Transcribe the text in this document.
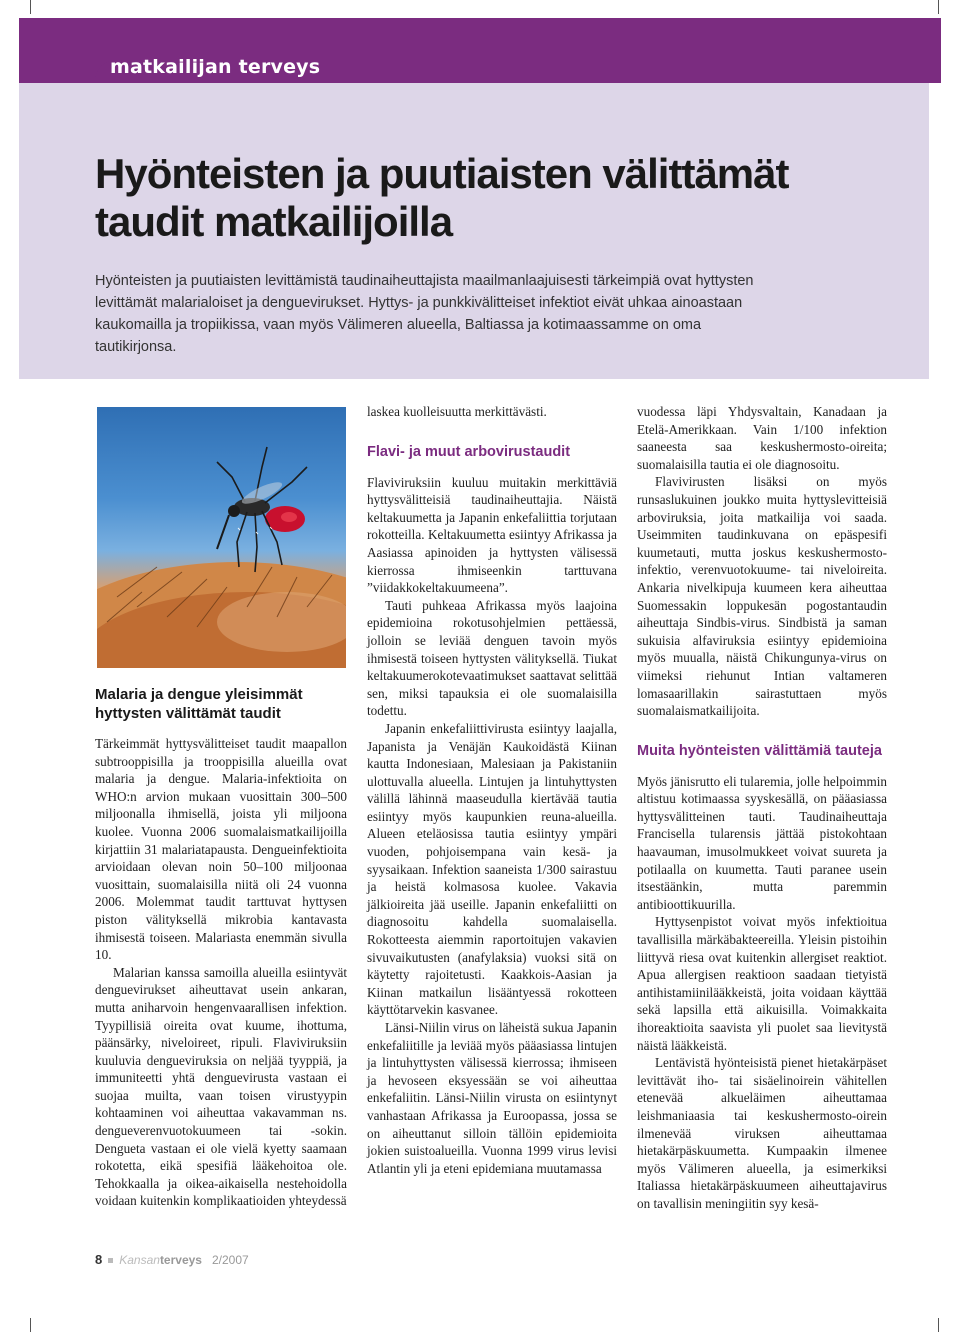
matkailijan terveys
Hyönteisten ja puutiaisten välittämät taudit matkailijoilla

Hyönteisten ja puutiaisten levittämistä taudinaiheuttajista maailmanlaajuisesti tärkeimpiä ovat hyttysten levittämät malarialoiset ja denguevirukset. Hyttys- ja punkkivälitteiset infektiot eivät uhkaa ainoastaan kaukomailla ja tropiikissa, vaan myös Välimeren alueella, Baltiassa ja kotimaassamme on oma tautikirjonsa.

Malaria ja dengue yleisimmät hyttysten välittämät taudit

Tärkeimmät hyttysvälitteiset taudit maapallon subtrooppisilla ja trooppisilla alueilla ovat malaria ja dengue. Malaria-infektioita on WHO:n arvion mukaan vuosittain 300–500 miljoonalla ihmisellä, joista yli miljoona kuolee. Vuonna 2006 suomalaismatkailijoilla kirjattiin 31 malariatapausta. Dengueinfektioita arvioidaan olevan noin 50–100 miljoonaa vuosittain, suomalaisilla niitä oli 24 vuonna 2006. Molemmat taudit tarttuvat hyttysen piston välityksellä mikrobia kantavasta ihmisestä toiseen. Malariasta enemmän sivulla 10.

Malarian kanssa samoilla alueilla esiintyvät denguevirukset aiheuttavat usein ankaran, mutta aniharvoin hengenvaarallisen infektion. Tyypillisiä oireita ovat kuume, ihottuma, päänsärky, niveloireet, ripuli. Flaviviruksiin kuuluvia dengueviruksia on neljää tyyppiä, ja immuniteetti yhtä denguevirusta vastaan ei suojaa muilta, vaan toisen virustyypin kohtaaminen voi aiheuttaa vakavamman ns. dengueverenvuotokuumeen tai -sokin. Dengueta vastaan ei ole vielä kyetty saamaan rokotetta, eikä spesifiä lääkehoitoa ole. Tehokkaalla ja oikea-aikaisella nestehoidolla voidaan kuitenkin komplikaatioiden yhteydessä

laskea kuolleisuutta merkittävästi.

Flavi- ja muut arbovirustaudit

Flaviviruksiin kuuluu muitakin merkittäviä hyttysvälitteisiä taudinaiheuttajia. Näistä keltakuumetta ja Japanin enkefaliittia torjutaan rokotteilla. Keltakuumetta esiintyy Afrikassa ja Aasiassa apinoiden ja hyttysten välisessä kierrossa ihmiseenkin tarttuvana ”viidakkokeltakuumeena”.

Tauti puhkeaa Afrikassa myös laajoina epidemioina rokotusohjelmien pettäessä, jolloin se leviää denguen tavoin myös ihmisestä toiseen hyttysten välityksellä. Tiukat keltakuumerokotevaatimukset saattavat selittää sen, miksi tapauksia ei ole suomalaisilla todettu.

Japanin enkefaliittivirusta esiintyy laajalla, Japanista ja Venäjän Kaukoidästä Kiinan kautta Indonesiaan, Malesiaan ja Pakistaniin ulottuvalla alueella. Lintujen ja lintuhyttysten välillä lähinnä maaseudulla kiertävää tautia esiintyy myös kaupunkien reuna-alueilla. Alueen eteläosissa tautia esiintyy ympäri vuoden, pohjoisempana vain kesä- ja syysaikaan. Infektion saaneista 1/300 sairastuu ja heistä kolmasosa kuolee. Vakavia jälkioireita jää useille. Japanin enkefaliitti on diagnosoitu kahdella suomalaisella. Rokotteesta aiemmin raportoitujen vakavien sivuvaikutusten (anafylaksia) vuoksi sitä on käytetty rajoitetusti. Kaakkois-Aasian ja Kiinan matkailun lisääntyessä rokotteen käyttötarvekin kasvanee.

Länsi-Niilin virus on läheistä sukua Japanin enkefaliitille ja leviää myös pääasiassa lintujen ja lintuhyttysten välisessä kierrossa; ihmiseen ja hevoseen eksyessään se voi aiheuttaa enkefaliitin. Länsi-Niilin virusta on esiintynyt vanhastaan Afrikassa ja Euroopassa, jossa se on aiheuttanut silloin tällöin epidemioita jokien suistoalueilla. Vuonna 1999 virus levisi Atlantin yli ja eteni epidemiana muutamassa

vuodessa läpi Yhdysvaltain, Kanadaan ja Etelä-Amerikkaan. Vain 1/100 infektion saaneesta saa keskushermosto-oireita; suomalaisilla tautia ei ole diagnosoitu.

Flavivirusten lisäksi on myös runsaslukuinen joukko muita hyttyslevitteisiä arboviruksia, joita matkailija voi saada. Useimmiten taudinkuvana on epäspesifi kuumetauti, mutta joskus keskushermosto-infektio, verenvuotokuume- tai niveloireita. Ankaria nivelkipuja kuumeen kera aiheuttaa Suomessakin loppukesän pogostantaudin aiheuttaja Sindbis-virus. Sindbistä ja saman sukuisia alfaviruksia esiintyy epidemioina myös muualla, näistä Chikungunya-virus on viimeksi riehunut Intian valtameren lomasaarillakin sairastuttaen myös suomalaismatkailijoita.

Muita hyönteisten välittämiä tauteja

Myös jänisrutto eli tularemia, jolle helpoimmin altistuu kotimaassa syyskesällä, on pääasiassa hyttysvälitteinen tauti. Taudinaiheuttaja Francisella tularensis jättää pistokohtaan haavauman, imusolmukkeet voivat suureta ja potilaalla on kuumetta. Tauti paranee usein itsestäänkin, mutta paremmin antibioottikuurilla.

Hyttysenpistot voivat myös infektioitua tavallisilla märkäbakteereilla. Yleisin pistoihin liittyvä riesa ovat kuitenkin allergiset reaktiot. Apua allergisen reaktioon saadaan tietyistä antihistamiinilääkkeistä, joita voidaan käyttää sekä lapsilla että aikuisilla. Voimakkaita ihoreaktioita saavista yli puolet saa lievitystä näistä lääkkeistä.

Lentävistä hyönteisistä pienet hietakärpäset levittävät iho- tai sisäelinoirein vähitellen etenevää alkueläimen aiheuttamaa leishmaniaasia tai keskushermosto-oirein ilmenevää viruksen aiheuttamaa hietakärpäskuumetta. Kumpaakin ilmenee myös Välimeren alueella, ja esimerkiksi Italiassa hietakärpäskuumeen aiheuttajavirus on tavallisin meningiitin syy kesä-

8 Kansanterveys 2/2007
